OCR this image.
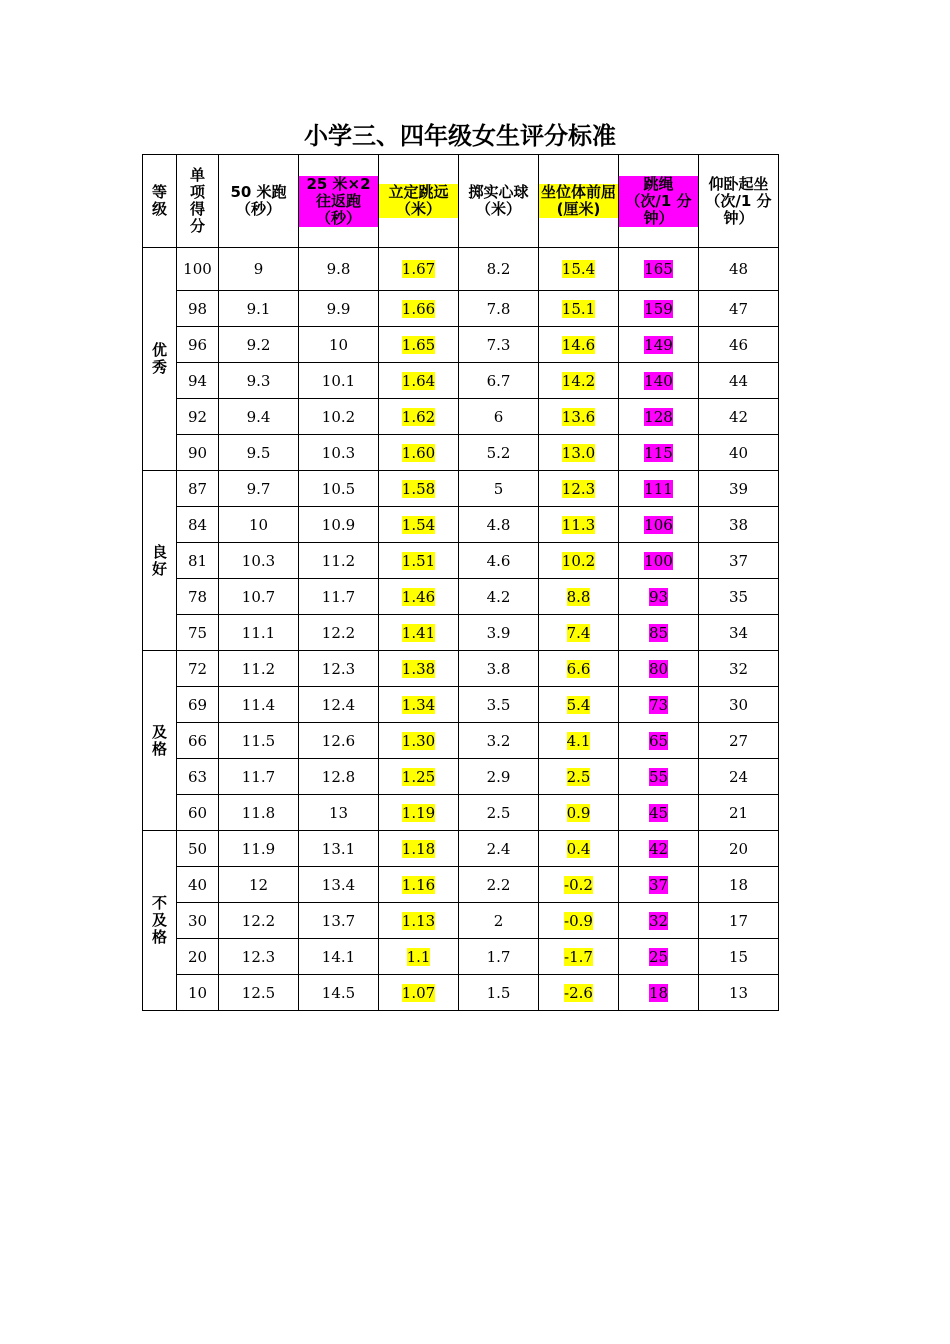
小学三、四年级女生评分标准
等级	单项得分	50 米跑（秒）	25 米×2 往返跑（秒）	立定跳远（米）	掷实心球（米）	坐位体前屈(厘米)	跳绳（次/1 分钟）	仰卧起坐（次/1 分钟）
优秀	100	9	9.8	1.67	8.2	15.4	165	48
	98	9.1	9.9	1.66	7.8	15.1	159	47
	96	9.2	10	1.65	7.3	14.6	149	46
	94	9.3	10.1	1.64	6.7	14.2	140	44
	92	9.4	10.2	1.62	6	13.6	128	42
	90	9.5	10.3	1.60	5.2	13.0	115	40
良好	87	9.7	10.5	1.58	5	12.3	111	39
	84	10	10.9	1.54	4.8	11.3	106	38
	81	10.3	11.2	1.51	4.6	10.2	100	37
	78	10.7	11.7	1.46	4.2	8.8	93	35
	75	11.1	12.2	1.41	3.9	7.4	85	34
及格	72	11.2	12.3	1.38	3.8	6.6	80	32
	69	11.4	12.4	1.34	3.5	5.4	73	30
	66	11.5	12.6	1.30	3.2	4.1	65	27
	63	11.7	12.8	1.25	2.9	2.5	55	24
	60	11.8	13	1.19	2.5	0.9	45	21
不及格	50	11.9	13.1	1.18	2.4	0.4	42	20
	40	12	13.4	1.16	2.2	-0.2	37	18
	30	12.2	13.7	1.13	2	-0.9	32	17
	20	12.3	14.1	1.1	1.7	-1.7	25	15
	10	12.5	14.5	1.07	1.5	-2.6	18	13
